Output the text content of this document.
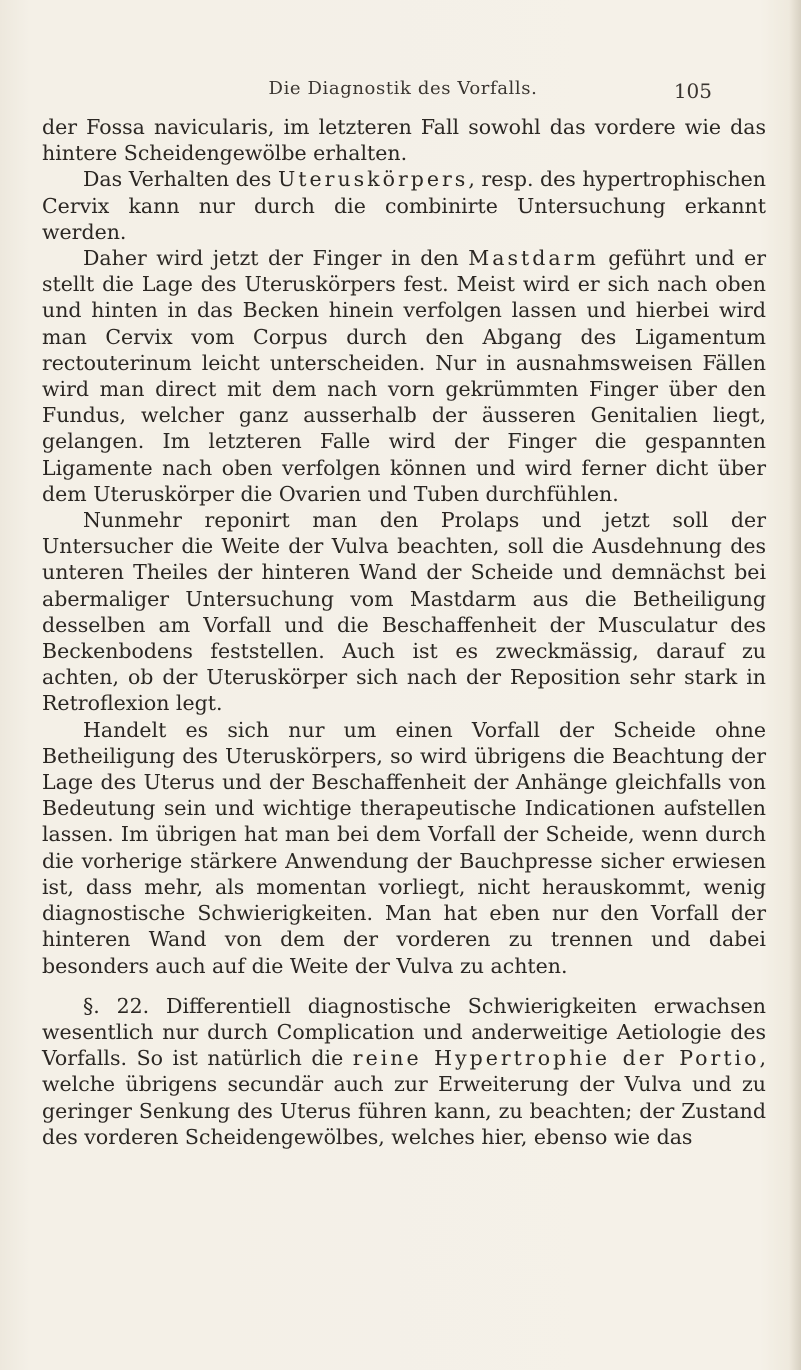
Die Diagnostik des Vorfalls.	105

der Fossa navicularis, im letzteren Fall sowohl das vordere wie das hintere Scheidengewölbe erhalten.

Das Verhalten des Uteruskörpers, resp. des hypertrophischen Cervix kann nur durch die combinirte Untersuchung erkannt werden.

Daher wird jetzt der Finger in den Mastdarm geführt und er stellt die Lage des Uteruskörpers fest. Meist wird er sich nach oben und hinten in das Becken hinein verfolgen lassen und hierbei wird man Cervix vom Corpus durch den Abgang des Ligamentum rectouterinum leicht unterscheiden. Nur in ausnahmsweisen Fällen wird man direct mit dem nach vorn gekrümmten Finger über den Fundus, welcher ganz ausserhalb der äusseren Genitalien liegt, gelangen. Im letzteren Falle wird der Finger die gespannten Ligamente nach oben verfolgen können und wird ferner dicht über dem Uteruskörper die Ovarien und Tuben durchfühlen.

Nunmehr reponirt man den Prolaps und jetzt soll der Untersucher die Weite der Vulva beachten, soll die Ausdehnung des unteren Theiles der hinteren Wand der Scheide und demnächst bei abermaliger Untersuchung vom Mastdarm aus die Betheiligung desselben am Vorfall und die Beschaffenheit der Musculatur des Beckenbodens feststellen. Auch ist es zweckmässig, darauf zu achten, ob der Uteruskörper sich nach der Reposition sehr stark in Retroflexion legt.

Handelt es sich nur um einen Vorfall der Scheide ohne Betheiligung des Uteruskörpers, so wird übrigens die Beachtung der Lage des Uterus und der Beschaffenheit der Anhänge gleichfalls von Bedeutung sein und wichtige therapeutische Indicationen aufstellen lassen. Im übrigen hat man bei dem Vorfall der Scheide, wenn durch die vorherige stärkere Anwendung der Bauchpresse sicher erwiesen ist, dass mehr, als momentan vorliegt, nicht herauskommt, wenig diagnostische Schwierigkeiten. Man hat eben nur den Vorfall der hinteren Wand von dem der vorderen zu trennen und dabei besonders auch auf die Weite der Vulva zu achten.

§. 22. Differentiell diagnostische Schwierigkeiten erwachsen wesentlich nur durch Complication und anderweitige Aetiologie des Vorfalls. So ist natürlich die reine Hypertrophie der Portio, welche übrigens secundär auch zur Erweiterung der Vulva und zu geringer Senkung des Uterus führen kann, zu beachten; der Zustand des vorderen Scheidengewölbes, welches hier, ebenso wie das
